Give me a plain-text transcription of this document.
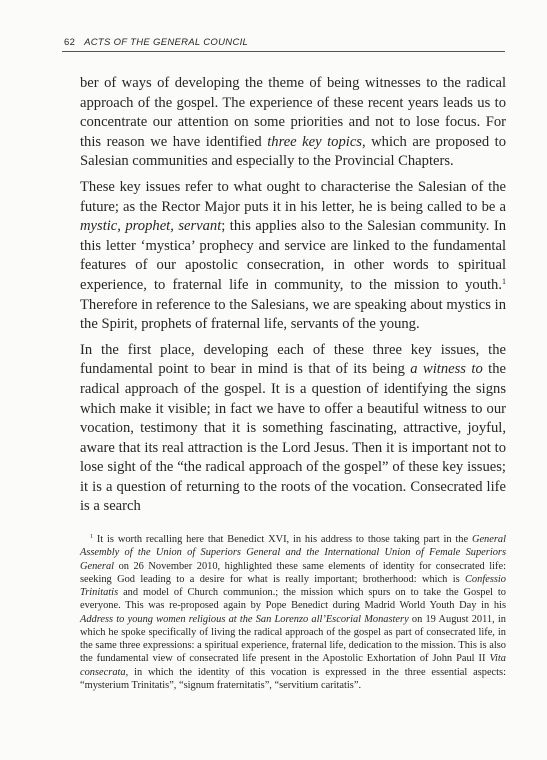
62 ACTS OF THE GENERAL COUNCIL

ber of ways of developing the theme of being witnesses to the radical approach of the gospel. The experience of these recent years leads us to concentrate our attention on some priorities and not to lose focus. For this reason we have identified three key topics, which are proposed to Salesian communities and especially to the Provincial Chapters.

These key issues refer to what ought to characterise the Salesian of the future; as the Rector Major puts it in his letter, he is being called to be a mystic, prophet, servant; this applies also to the Salesian community. In this letter ‘mystica’ prophecy and service are linked to the fundamental features of our apostolic consecration, in other words to spiritual experience, to fraternal life in community, to the mission to youth.$^1$ Therefore in reference to the Salesians, we are speaking about mystics in the Spirit, prophets of fraternal life, servants of the young.

In the first place, developing each of these three key issues, the fundamental point to bear in mind is that of its being a witness to the radical approach of the gospel. It is a question of identifying the signs which make it visible; in fact we have to offer a beautiful witness to our vocation, testimony that it is something fascinating, attractive, joyful, aware that its real attraction is the Lord Jesus. Then it is important not to lose sight of the “the radical approach of the gospel” of these key issues; it is a question of returning to the roots of the vocation. Consecrated life is a search

$^1$ It is worth recalling here that Benedict XVI, in his address to those taking part in the General Assembly of the Union of Superiors General and the International Union of Female Superiors General on 26 November 2010, highlighted these same elements of identity for consecrated life: seeking God leading to a desire for what is really important; brotherhood: which is Confessio Trinitatis and model of Church communion.; the mission which spurs on to take the Gospel to everyone. This was re-proposed again by Pope Benedict during Madrid World Youth Day in his Address to young women religious at the San Lorenzo all’Escorial Monastery on 19 August 2011, in which he spoke specifically of living the radical approach of the gospel as part of consecrated life, in the same three expressions: a spiritual experience, fraternal life, dedication to the mission. This is also the fundamental view of consecrated life present in the Apostolic Exhortation of John Paul II Vita consecrata, in which the identity of this vocation is expressed in the three essential aspects: “mysterium Trinitatis”, “signum fraternitatis”, “servitium caritatis”.
